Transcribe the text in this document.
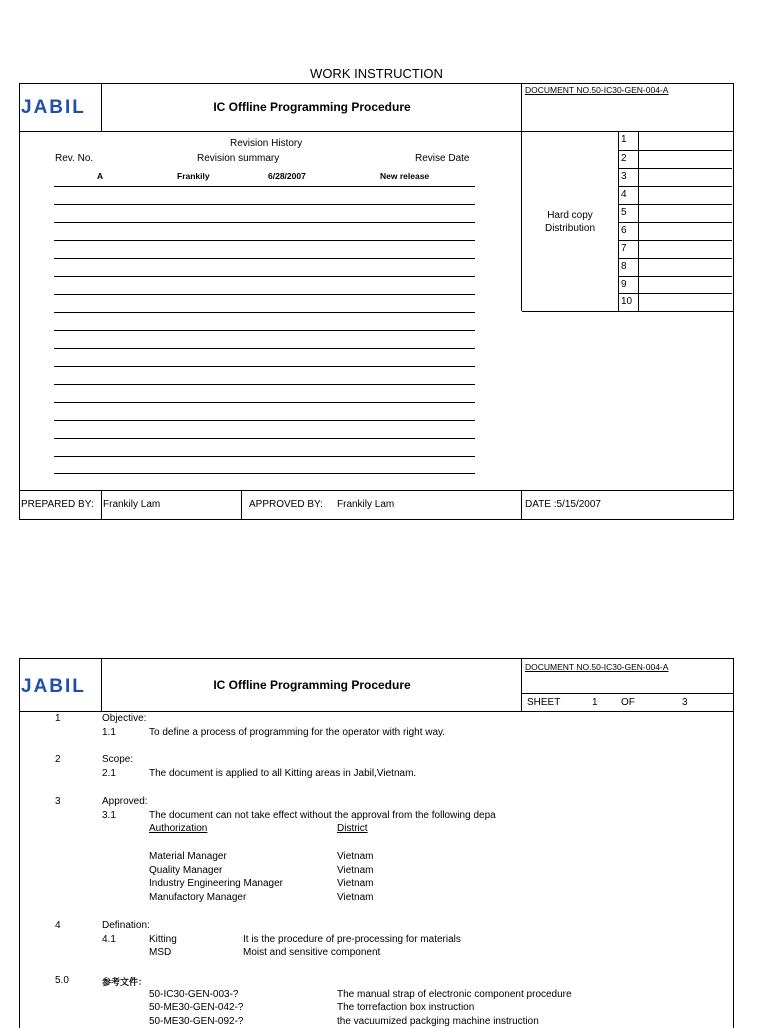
WORK INSTRUCTION
JABIL	IC Offline Programming Procedure
DOCUMENT NO.50-IC30-GEN-004-A
Revision History
Rev. No.	Revision summary	Revise Date
A	Frankily	6/28/2007	New release
Hard copy
Distribution
1
2
3
4
5
6
7
8
9
10
PREPARED BY: Frankily Lam	APPROVED BY: Frankily Lam	DATE :5/15/2007
JABIL	IC Offline Programming Procedure
DOCUMENT NO.50-IC30-GEN-004-A
SHEET	1 OF	3
1	Objective:
1.1	To define a process of programming for the operator with right way.
2	Scope:
2.1	The document is applied to all Kitting areas in Jabil,Vietnam.
3	Approved:
3.1	The document can not take effect without the approval from the following depa
Authorization	District
Material Manager	Vietnam
Quality Manager	Vietnam
Industry Engineering Manager	Vietnam
Manufactory Manager	Vietnam
4	Defination:
4.1	Kitting	It is the procedure of pre-processing for materials
MSD	Moist and sensitive component
5.0	参考文件：
50-IC30-GEN-003-?	The manual strap of electronic component procedure
50-ME30-GEN-042-?	The torrefaction box instruction
50-ME30-GEN-092-?	the vacuumized packging machine instruction
